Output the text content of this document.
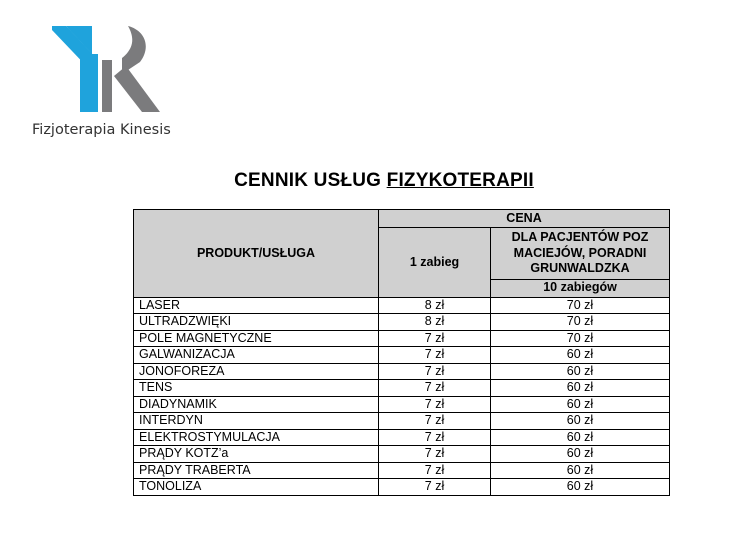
Fizjoterapia Kinesis
CENNIK USŁUG FIZYKOTERAPII
PRODUKT/USŁUGA	CENA	
	1 zabieg	DLA PACJENTÓW POZ MACIEJÓW, PORADNI GRUNWALDZKA
		10 zabiegów
LASER	8 zł	70 zł
ULTRADZWIĘKI	8 zł	70 zł
POLE MAGNETYCZNE	7 zł	70 zł
GALWANIZACJA	7 zł	60 zł
JONOFOREZA	7 zł	60 zł
TENS	7 zł	60 zł
DIADYNAMIK	7 zł	60 zł
INTERDYN	7 zł	60 zł
ELEKTROSTYMULACJA	7 zł	60 zł
PRĄDY KOTZ’a	7 zł	60 zł
PRĄDY TRABERTA	7 zł	60 zł
TONOLIZA	7 zł	60 zł
